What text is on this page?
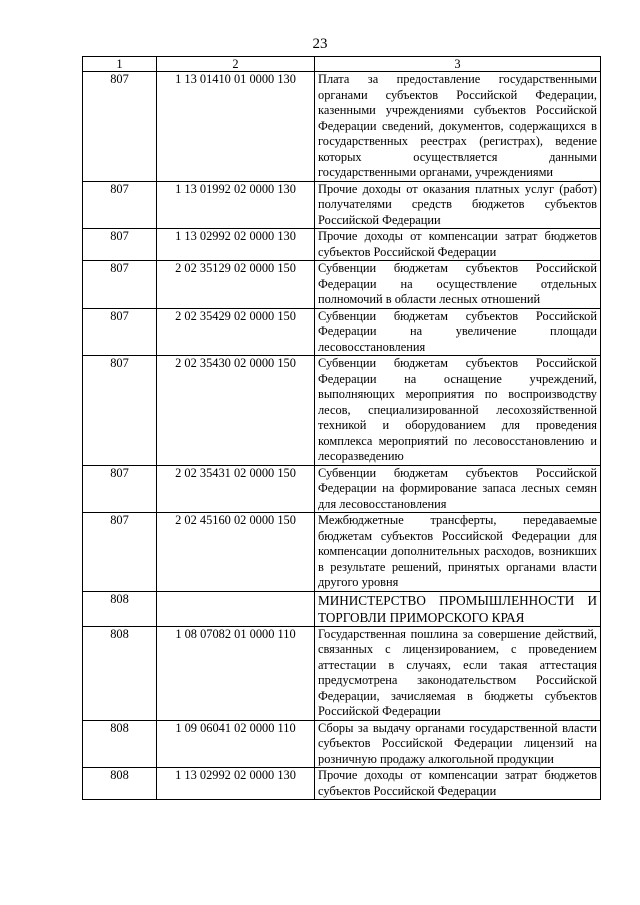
23
1	2	3
807	1 13 01410 01 0000 130	Плата за предоставление государственными органами субъектов Российской Федерации, казенными учреждениями субъектов Российской Федерации сведений, документов, содержащихся в государственных реестрах (регистрах), ведение которых осуществляется данными государственными органами, учреждениями
807	1 13 01992 02 0000 130	Прочие доходы от оказания платных услуг (работ) получателями средств бюджетов субъектов Российской Федерации
807	1 13 02992 02 0000 130	Прочие доходы от компенсации затрат бюджетов субъектов Российской Федерации
807	2 02 35129 02 0000 150	Субвенции бюджетам субъектов Российской Федерации на осуществление отдельных полномочий в области лесных отношений
807	2 02 35429 02 0000 150	Субвенции бюджетам субъектов Российской Федерации на увеличение площади лесовосстановления
807	2 02 35430 02 0000 150	Субвенции бюджетам субъектов Российской Федерации на оснащение учреждений, выполняющих мероприятия по воспроизводству лесов, специализированной лесохозяйственной техникой и оборудованием для проведения комплекса мероприятий по лесовосстановлению и лесоразведению
807	2 02 35431 02 0000 150	Субвенции бюджетам субъектов Российской Федерации на формирование запаса лесных семян для лесовосстановления
807	2 02 45160 02 0000 150	Межбюджетные трансферты, передаваемые бюджетам субъектов Российской Федерации для компенсации дополнительных расходов, возникших в результате решений, принятых органами власти другого уровня
808		МИНИСТЕРСТВО ПРОМЫШЛЕННОСТИ И ТОРГОВЛИ ПРИМОРСКОГО КРАЯ
808	1 08 07082 01 0000 110	Государственная пошлина за совершение действий, связанных с лицензированием, с проведением аттестации в случаях, если такая аттестация предусмотрена законодательством Российской Федерации, зачисляемая в бюджеты субъектов Российской Федерации
808	1 09 06041 02 0000 110	Сборы за выдачу органами государственной власти субъектов Российской Федерации лицензий на розничную продажу алкогольной продукции
808	1 13 02992 02 0000 130	Прочие доходы от компенсации затрат бюджетов субъектов Российской Федерации
